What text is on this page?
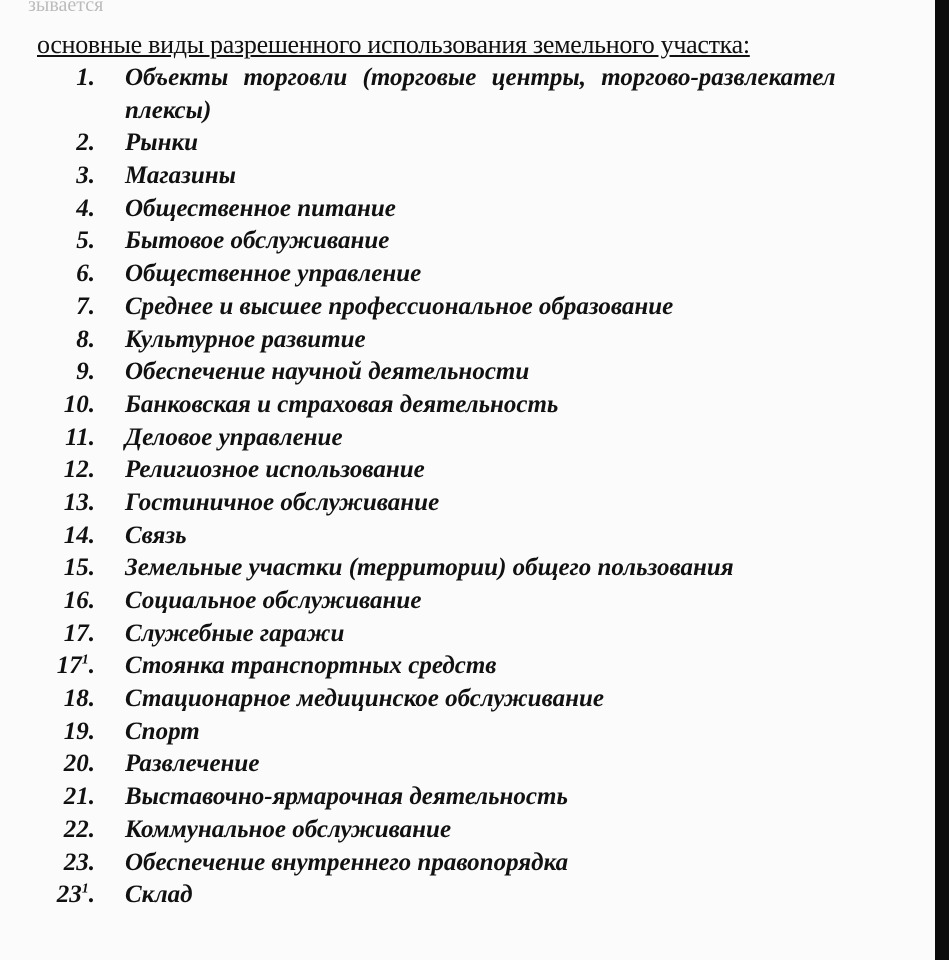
зывается
основные виды разрешенного использования земельного участка:
1.	Объекты торговли (торговые центры, торгово-развлекател
плексы)
2.	Рынки
3.	Магазины
4.	Общественное питание
5.	Бытовое обслуживание
6.	Общественное управление
7.	Среднее и высшее профессиональное образование
8.	Культурное развитие
9.	Обеспечение научной деятельности
10.	Банковская и страховая деятельность
11.	Деловое управление
12.	Религиозное использование
13.	Гостиничное обслуживание
14.	Связь
15.	Земельные участки (территории) общего пользования
16.	Социальное обслуживание
17.	Служебные гаражи
$17^1$.	Стоянка транспортных средств
18.	Стационарное медицинское обслуживание
19.	Спорт
20.	Развлечение
21.	Выставочно-ярмарочная деятельность
22.	Коммунальное обслуживание
23.	Обеспечение внутреннего правопорядка
$23^1$.	Склад
